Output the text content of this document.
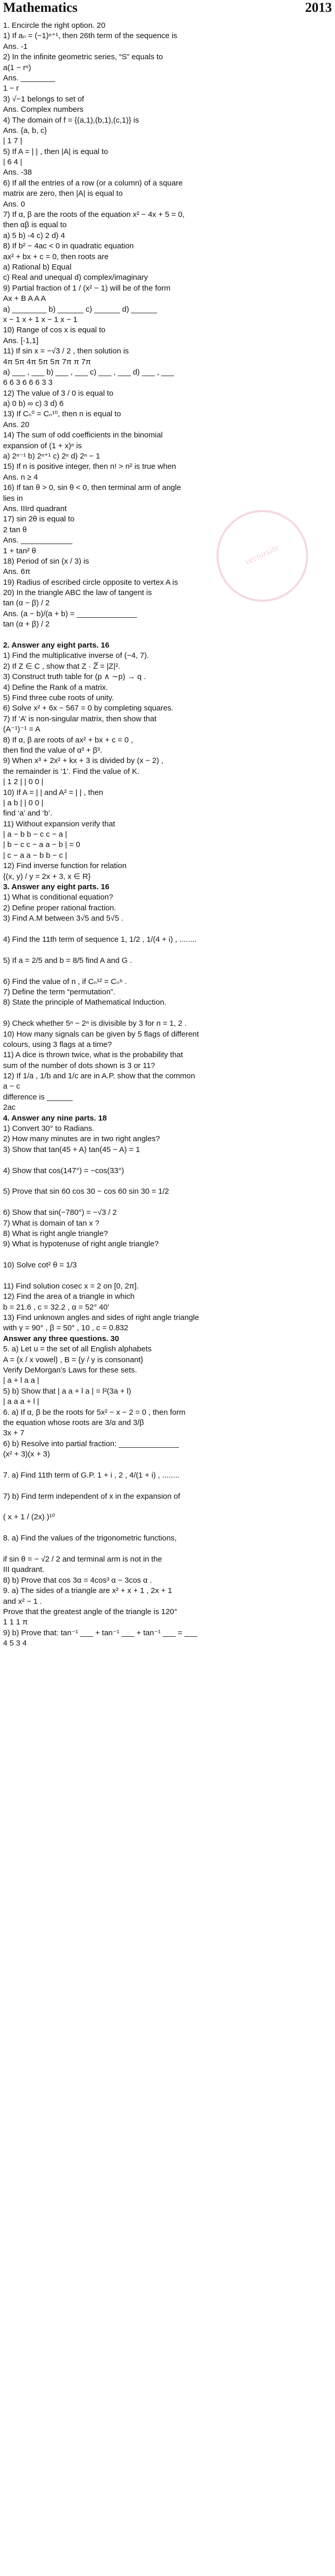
Mathematics	2013
vectorsite
1. Encircle the right option. 20
1) If aₙ = (−1)ⁿ⁺¹, then 26th term of the sequence is
Ans. -1
2) In the infinite geometric series, “S” equals to
a(1 − rⁿ)
Ans. ________
1 − r
3) √−1 belongs to set of
Ans. Complex numbers
4) The domain of f = {(a,1),(b,1),(c,1)} is
Ans. {a, b, c}
| 1 7 |
5) If A = | | , then |A| is equal to
| 6 4 |
Ans. -38
6) If all the entries of a row (or a column) of a square
matrix are zero, then |A| is equal to
Ans. 0
7) If α, β are the roots of the equation x² − 4x + 5 = 0,
then αβ is equal to
a) 5 b) -4 c) 2 d) 4
8) If b² − 4ac < 0 in quadratic equation
ax² + bx + c = 0, then roots are
a) Rational b) Equal
c) Real and unequal d) complex/imaginary
9) Partial fraction of 1 / (x² − 1) will be of the form
Ax + B A A A
a) ________ b) ______ c) ______ d) ______
x − 1 x + 1 x − 1 x − 1
10) Range of cos x is equal to
Ans. [-1,1]
11) If sin x = −√3 / 2 , then solution is
4π 5π 4π 5π 5π 7π π 7π
a) ___ , ___ b) ___ , ___ c) ___ , ___ d) ___ , ___
6 6 3 6 6 6 3 3
12) The value of 3 / 0 is equal to
a) 0 b) ∞ c) 3 d) 6
13) If Cₙ⁰ = Cₙ¹⁰, then n is equal to
Ans. 20
14) The sum of odd coefficients in the binomial
expansion of (1 + x)ⁿ is
a) 2ⁿ⁻¹ b) 2ⁿ⁺¹ c) 2ⁿ d) 2ⁿ − 1
15) If n is positive integer, then n! > n² is true when
Ans. n ≥ 4
16) If tan θ > 0, sin θ < 0, then terminal arm of angle
lies in
Ans. IIIrd quadrant
17) sin 2θ is equal to
2 tan θ
Ans. ____________
1 + tan² θ
18) Period of sin (x / 3) is
Ans. 6π
19) Radius of escribed circle opposite to vertex A is
20) In the triangle ABC the law of tangent is
tan (α − β) / 2
Ans. (a − b)/(a + b) = ______________
tan (α + β) / 2
2. Answer any eight parts. 16
1) Find the multiplicative inverse of (−4, 7).
2) If Z ∈ C , show that Z · Z̅ = |Z|².
3) Construct truth table for (p ∧ ∼p) → q .
4) Define the Rank of a matrix.
5) Find three cube roots of unity.
6) Solve x² + 6x − 567 = 0 by completing squares.
7) If ‘A’ is non-singular matrix, then show that
(A⁻¹)⁻¹ = A
8) If α, β are roots of ax² + bx + c = 0 ,
then find the value of α³ + β³.
9) When x³ + 2x² + kx + 3 is divided by (x − 2) ,
the remainder is ‘1’. Find the value of K.
| 1 2 | | 0 0 |
10) If A = | | and A² = | | , then
| a b | | 0 0 |
find ‘a’ and ‘b’.
11) Without expansion verify that
| a − b b − c c − a |
| b − c c − a a − b | = 0
| c − a a − b b − c |
12) Find inverse function for relation
{(x, y) / y = 2x + 3, x ∈ R}
3. Answer any eight parts. 16
1) What is conditional equation?
2) Define proper rational fraction.
3) Find A.M between 3√5 and 5√5 .
4) Find the 11th term of sequence 1, 1/2 , 1/(4 + i) , ........
5) If a = 2/5 and b = 8/5 find A and G .
6) Find the value of n , if Cₙ¹² = Cₙ⁶ .
7) Define the term “permutation”.
8) State the principle of Mathematical Induction.
9) Check whether 5ⁿ − 2ⁿ is divisible by 3 for n = 1, 2 .
10) How many signals can be given by 5 flags of different
colours, using 3 flags at a time?
11) A dice is thrown twice, what is the probability that
sum of the number of dots shown is 3 or 11?
12) If 1/a , 1/b and 1/c are in A.P. show that the common
a − c
difference is ______
2ac
4. Answer any nine parts. 18
1) Convert 30° to Radians.
2) How many minutes are in two right angles?
3) Show that tan(45 + A) tan(45 − A) = 1
4) Show that cos(147°) = −cos(33°)
5) Prove that sin 60 cos 30 − cos 60 sin 30 = 1/2
6) Show that sin(−780°) = −√3 / 2
7) What is domain of tan x ?
8) What is right angle triangle?
9) What is hypotenuse of right angle triangle?
10) Solve cot² θ = 1/3
11) Find solution cosec x = 2 on [0, 2π].
12) Find the area of a triangle in which
b = 21.6 , c = 32.2 , α = 52° 40′
13) Find unknown angles and sides of right angle triangle
with γ = 90° , β = 50° , 10 , c = 0.832
Answer any three questions. 30
5. a) Let u = the set of all English alphabets
A = {x / x vowel} , B = {y / y is consonant}
Verify DeMorgan’s Laws for these sets.
| a + l a a |
5) b) Show that | a a + l a | = l²(3a + l)
| a a a + l |
6. a) If α, β be the roots for 5x² − x − 2 = 0 , then form
the equation whose roots are 3/α and 3/β
3x + 7
6) b) Resolve into partial fraction: ______________
(x² + 3)(x + 3)
7. a) Find 11th term of G.P. 1 + i , 2 , 4/(1 + i) , ........
7) b) Find term independent of x in the expansion of
( x + 1 / (2x) )¹⁰
8. a) Find the values of the trigonometric functions,
if sin θ = − √2 / 2 and terminal arm is not in the
III quadrant.
8) b) Prove that cos 3α = 4cos³ α − 3cos α .
9. a) The sides of a triangle are x² + x + 1 , 2x + 1
and x² − 1 .
Prove that the greatest angle of the triangle is 120°
1 1 1 π
9) b) Prove that: tan⁻¹ ___ + tan⁻¹ ___ + tan⁻¹ ___ = ___
4 5 3 4
